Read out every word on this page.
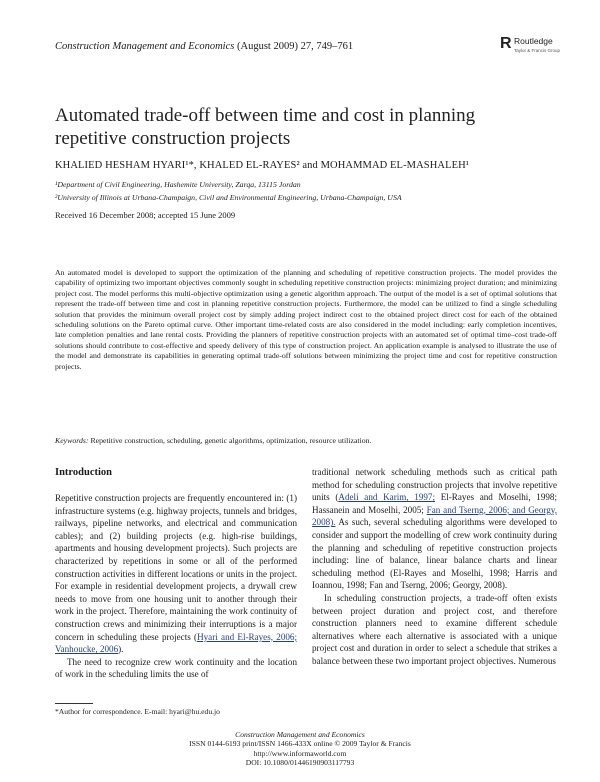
Construction Management and Economics (August 2009) 27, 749–761	R Routledge
Taylor & Francis Group
Automated trade-off between time and cost in planning repetitive construction projects
KHALIED HESHAM HYARI¹*, KHALED EL-RAYES² and MOHAMMAD EL-MASHALEH¹
¹Department of Civil Engineering, Hashemite University, Zarqa, 13115 Jordan
²University of Illinois at Urbana-Champaign, Civil and Environmental Engineering, Urbana-Champaign, USA
Received 16 December 2008; accepted 15 June 2009
An automated model is developed to support the optimization of the planning and scheduling of repetitive construction projects. The model provides the capability of optimizing two important objectives commonly sought in scheduling repetitive construction projects: minimizing project duration; and minimizing project cost. The model performs this multi-objective optimization using a genetic algorithm approach. The output of the model is a set of optimal solutions that represent the trade-off between time and cost in planning repetitive construction projects. Furthermore, the model can be utilized to find a single scheduling solution that provides the minimum overall project cost by simply adding project indirect cost to the obtained project direct cost for each of the obtained scheduling solutions on the Pareto optimal curve. Other important time-related costs are also considered in the model including: early completion incentives, late completion penalties and lane rental costs. Providing the planners of repetitive construction projects with an automated set of optimal time–cost trade-off solutions should contribute to cost-effective and speedy delivery of this type of construction project. An application example is analysed to illustrate the use of the model and demonstrate its capabilities in generating optimal trade-off solutions between minimizing the project time and cost for repetitive construction projects.
Keywords: Repetitive construction, scheduling, genetic algorithms, optimization, resource utilization.
Introduction

Repetitive construction projects are frequently encountered in: (1) infrastructure systems (e.g. highway projects, tunnels and bridges, railways, pipeline networks, and electrical and communication cables); and (2) building projects (e.g. high-rise buildings, apartments and housing development projects). Such projects are characterized by repetitions in some or all of the performed construction activities in different locations or units in the project. For example in residential development projects, a drywall crew needs to move from one housing unit to another through their work in the project. Therefore, maintaining the work continuity of construction crews and minimizing their interruptions is a major concern in scheduling these projects (Hyari and El-Rayes, 2006; Vanhoucke, 2006).

The need to recognize crew work continuity and the location of work in the scheduling limits the use of

traditional network scheduling methods such as critical path method for scheduling construction projects that involve repetitive units (Adeli and Karim, 1997; El-Rayes and Moselhi, 1998; Hassanein and Moselhi, 2005; Fan and Tserng, 2006; and Georgy, 2008). As such, several scheduling algorithms were developed to consider and support the modelling of crew work continuity during the planning and scheduling of repetitive construction projects including: line of balance, linear balance charts and linear scheduling method (El-Rayes and Moselhi, 1998; Harris and Ioannou, 1998; Fan and Tserng, 2006; Georgy, 2008).

In scheduling construction projects, a trade-off often exists between project duration and project cost, and therefore construction planners need to examine different schedule alternatives where each alternative is associated with a unique project cost and duration in order to select a schedule that strikes a balance between these two important project objectives. Numerous

*Author for correspondence. E-mail: hyari@hu.edu.jo
Construction Management and Economics
ISSN 0144-6193 print/ISSN 1466-433X online © 2009 Taylor & Francis
http://www.informaworld.com
DOI: 10.1080/01446190903117793
